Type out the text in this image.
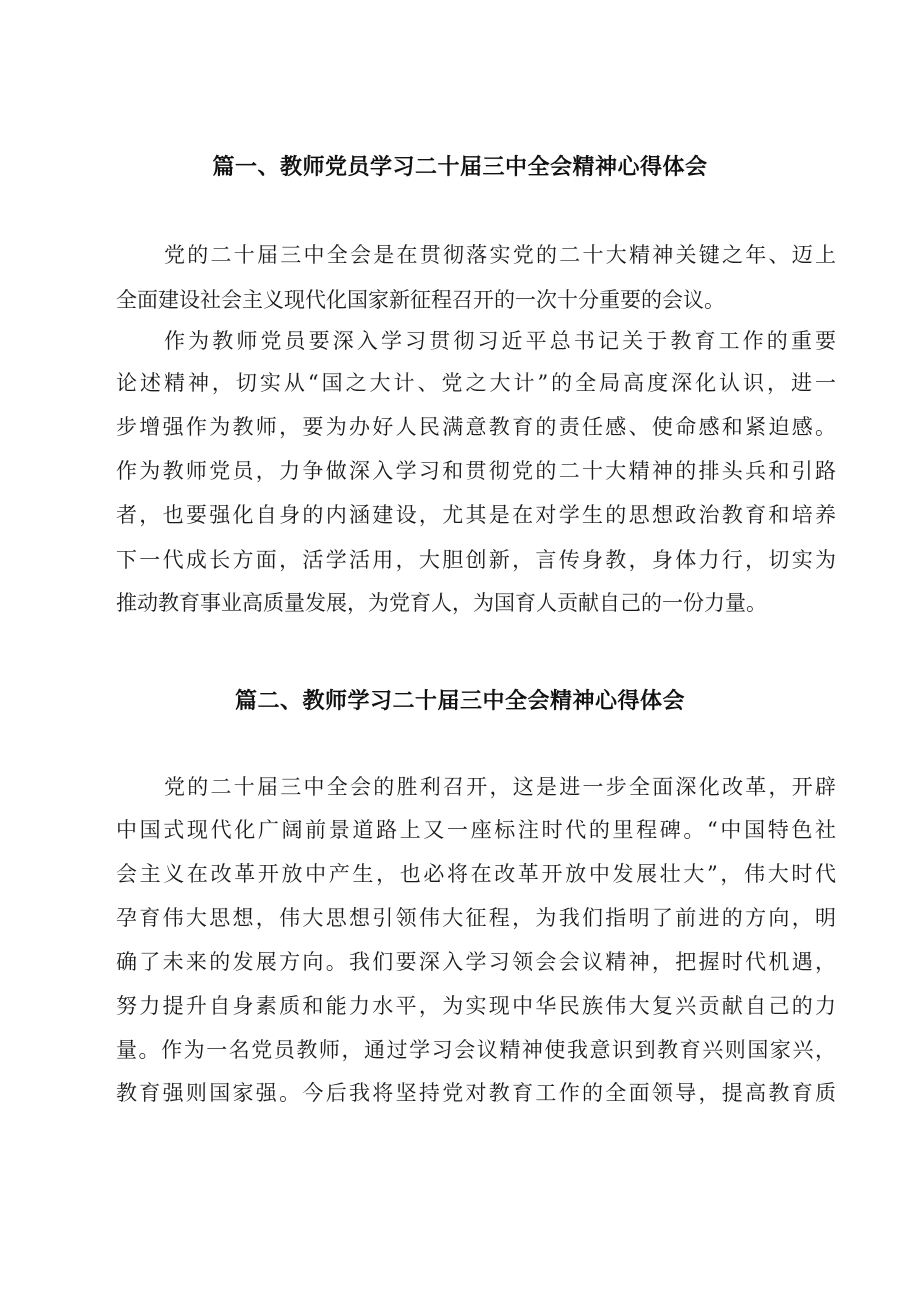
篇一、教师党员学习二十届三中全会精神心得体会
党的二十届三中全会是在贯彻落实党的二十大精神关键之年、迈上
全面建设社会主义现代化国家新征程召开的一次十分重要的会议。
作为教师党员要深入学习贯彻习近平总书记关于教育工作的重要
论述精神，切实从“国之大计、党之大计”的全局高度深化认识，进一
步增强作为教师，要为办好人民满意教育的责任感、使命感和紧迫感。
作为教师党员，力争做深入学习和贯彻党的二十大精神的排头兵和引路
者，也要强化自身的内涵建设，尤其是在对学生的思想政治教育和培养
下一代成长方面，活学活用，大胆创新，言传身教，身体力行，切实为
推动教育事业高质量发展，为党育人，为国育人贡献自己的一份力量。
篇二、教师学习二十届三中全会精神心得体会
党的二十届三中全会的胜利召开，这是进一步全面深化改革，开辟
中国式现代化广阔前景道路上又一座标注时代的里程碑。“中国特色社
会主义在改革开放中产生，也必将在改革开放中发展壮大”，伟大时代
孕育伟大思想，伟大思想引领伟大征程，为我们指明了前进的方向，明
确了未来的发展方向。我们要深入学习领会会议精神，把握时代机遇，
努力提升自身素质和能力水平，为实现中华民族伟大复兴贡献自己的力
量。作为一名党员教师，通过学习会议精神使我意识到教育兴则国家兴，
教育强则国家强。今后我将坚持党对教育工作的全面领导，提高教育质
